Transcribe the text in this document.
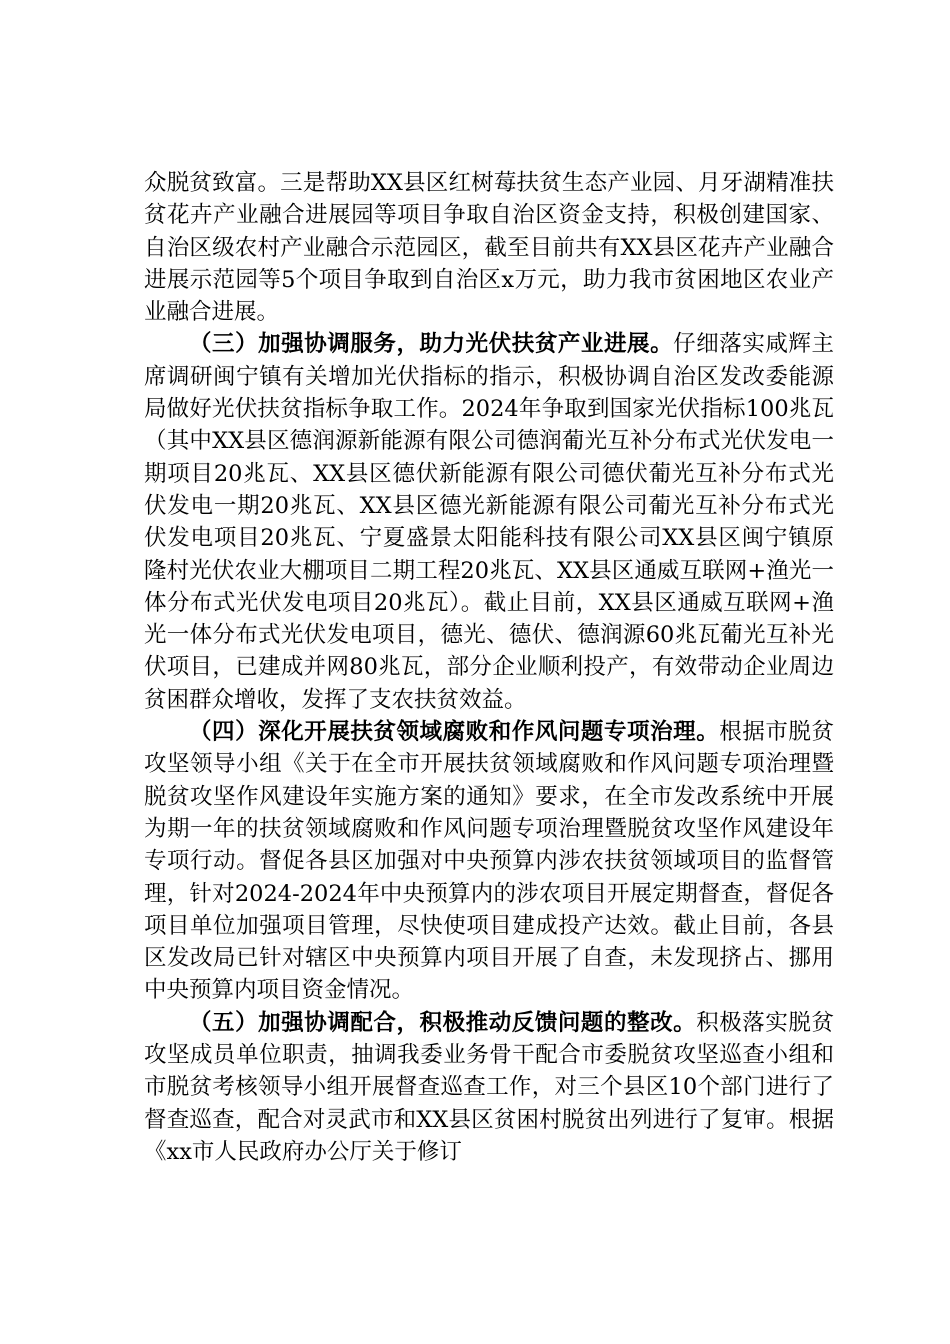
众脱贫致富。三是帮助XX县区红树莓扶贫生态产业园、月牙湖精准扶贫花卉产业融合进展园等项目争取自治区资金支持，积极创建国家、自治区级农村产业融合示范园区，截至目前共有XX县区花卉产业融合进展示范园等5个项目争取到自治区x万元，助力我市贫困地区农业产业融合进展。

（三）加强协调服务，助力光伏扶贫产业进展。仔细落实咸辉主席调研闽宁镇有关增加光伏指标的指示，积极协调自治区发改委能源局做好光伏扶贫指标争取工作。2024年争取到国家光伏指标100兆瓦（其中XX县区德润源新能源有限公司德润葡光互补分布式光伏发电一期项目20兆瓦、XX县区德伏新能源有限公司德伏葡光互补分布式光伏发电一期20兆瓦、XX县区德光新能源有限公司葡光互补分布式光伏发电项目20兆瓦、宁夏盛景太阳能科技有限公司XX县区闽宁镇原隆村光伏农业大棚项目二期工程20兆瓦、XX县区通威互联网+渔光一体分布式光伏发电项目20兆瓦）。截止目前，XX县区通威互联网+渔光一体分布式光伏发电项目，德光、德伏、德润源60兆瓦葡光互补光伏项目，已建成并网80兆瓦，部分企业顺利投产，有效带动企业周边贫困群众增收，发挥了支农扶贫效益。

（四）深化开展扶贫领域腐败和作风问题专项治理。根据市脱贫攻坚领导小组《关于在全市开展扶贫领域腐败和作风问题专项治理暨脱贫攻坚作风建设年实施方案的通知》要求，在全市发改系统中开展为期一年的扶贫领域腐败和作风问题专项治理暨脱贫攻坚作风建设年专项行动。督促各县区加强对中央预算内涉农扶贫领域项目的监督管理，针对2024-2024年中央预算内的涉农项目开展定期督查，督促各项目单位加强项目管理，尽快使项目建成投产达效。截止目前，各县区发改局已针对辖区中央预算内项目开展了自查，未发现挤占、挪用中央预算内项目资金情况。

（五）加强协调配合，积极推动反馈问题的整改。积极落实脱贫攻坚成员单位职责，抽调我委业务骨干配合市委脱贫攻坚巡查小组和市脱贫考核领导小组开展督查巡查工作，对三个县区10个部门进行了督查巡查，配合对灵武市和XX县区贫困村脱贫出列进行了复审。根据《xx市人民政府办公厅关于修订
